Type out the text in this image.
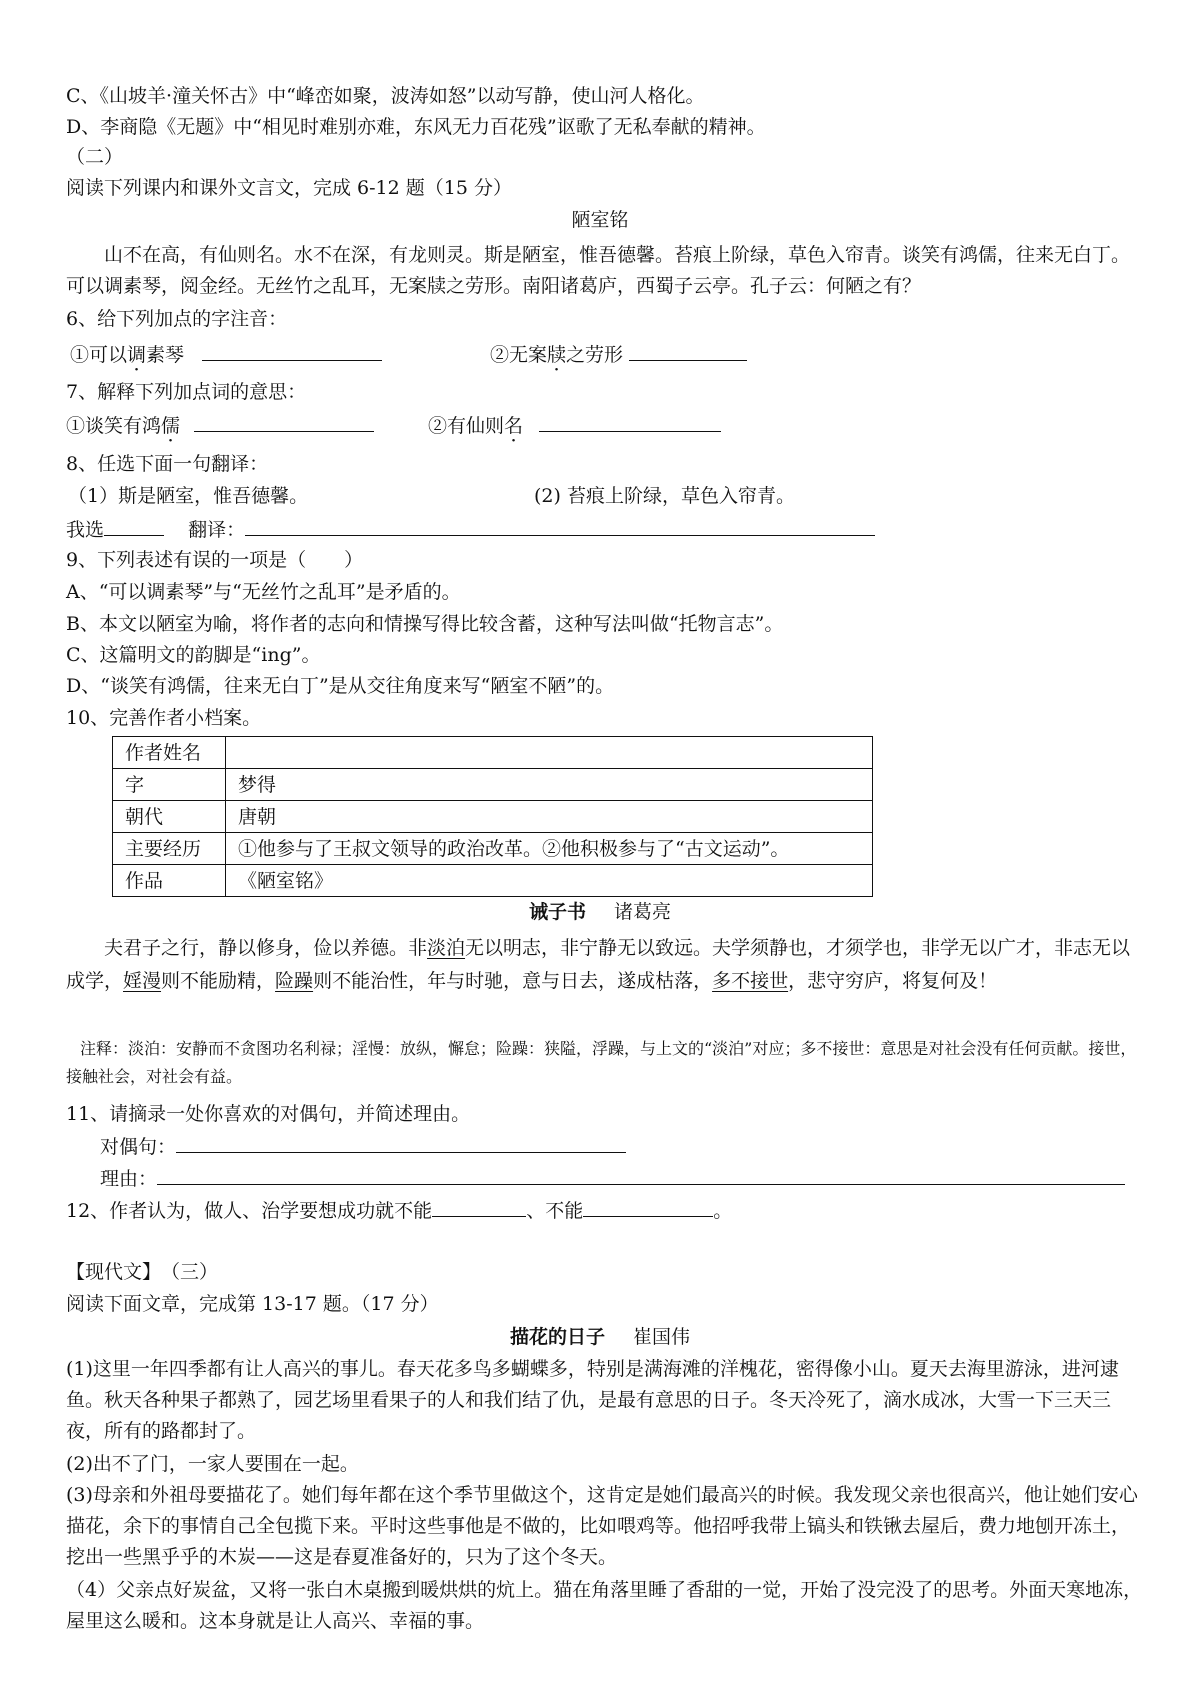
C、《山坡羊·潼关怀古》中“峰峦如聚，波涛如怒”以动写静，使山河人格化。
D、李商隐《无题》中“相见时难别亦难，东风无力百花残”讴歌了无私奉献的精神。
（二）
阅读下列课内和课外文言文，完成 6-12 题（15 分）
陋室铭
山不在高，有仙则名。水不在深，有龙则灵。斯是陋室，惟吾德馨。苔痕上阶绿，草色入帘青。谈笑有鸿儒，往来无白丁。可以调素琴，阅金经。无丝竹之乱耳，无案牍之劳形。南阳诸葛庐，西蜀子云亭。孔子云：何陋之有？
6、给下列加点的字注音：
①可以调素琴	②无案牍之劳形
7、解释下列加点词的意思：
①谈笑有鸿儒	②有仙则名
8、任选下面一句翻译：
（1）斯是陋室，惟吾德馨。	(2) 苔痕上阶绿，草色入帘青。
我选	翻译：
9、下列表述有误的一项是（　　）
A、“可以调素琴”与“无丝竹之乱耳”是矛盾的。
B、本文以陋室为喻，将作者的志向和情操写得比较含蓄，这种写法叫做“托物言志”。
C、这篇明文的韵脚是“ing”。
D、“谈笑有鸿儒，往来无白丁”是从交往角度来写“陋室不陋”的。
10、完善作者小档案。
作者姓名	
字	梦得
朝代	唐朝
主要经历	①他参与了王叔文领导的政治改革。②他积极参与了“古文运动”。
作品	《陋室铭》
诫子书 诸葛亮
夫君子之行，静以修身，俭以养德。非淡泊无以明志，非宁静无以致远。夫学须静也，才须学也，非学无以广才，非志无以成学，婬漫则不能励精，险躁则不能治性，年与时驰，意与日去，遂成枯落，多不接世，悲守穷庐，将复何及！
注释：淡泊：安静而不贪图功名利禄；淫慢：放纵，懈怠；险躁：狭隘，浮躁，与上文的“淡泊”对应；多不接世：意思是对社会没有任何贡献。接世，接触社会，对社会有益。
11、请摘录一处你喜欢的对偶句，并简述理由。
对偶句：
理由：
12、作者认为，做人、治学要想成功就不能	、不能	。
【现代文】　（三）
阅读下面文章，完成第 13-17 题。（17 分）
描花的日子 崔国伟
(1)这里一年四季都有让人高兴的事儿。春天花多鸟多蝴蝶多，特别是满海滩的洋槐花，密得像小山。夏天去海里游泳，进河逮鱼。秋天各种果子都熟了，园艺场里看果子的人和我们结了仇，是最有意思的日子。冬天冷死了，滴水成冰，大雪一下三天三夜，所有的路都封了。
(2)出不了门，一家人要围在一起。
(3)母亲和外祖母要描花了。她们每年都在这个季节里做这个，这肯定是她们最高兴的时候。我发现父亲也很高兴，他让她们安心描花，余下的事情自己全包揽下来。平时这些事他是不做的，比如喂鸡等。他招呼我带上镐头和铁锹去屋后，费力地刨开冻土，挖出一些黑乎乎的木炭——这是春夏准备好的，只为了这个冬天。
（4）父亲点好炭盆，又将一张白木桌搬到暖烘烘的炕上。猫在角落里睡了香甜的一觉，开始了没完没了的思考。外面天寒地冻，屋里这么暖和。这本身就是让人高兴、幸福的事。
